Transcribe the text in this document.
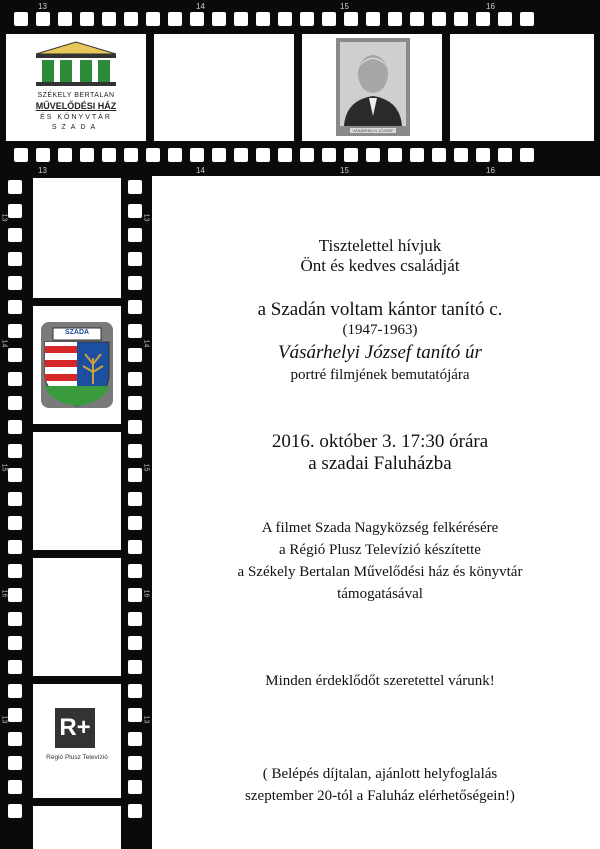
13	14	15	16
13	14	15	16
SZÉKELY BERTALAN
MŰVELŐDÉSI HÁZ
ÉS KÖNYVTÁR
SZADA	VÁSÁRHELYI JÓZSEF
13	13
14	14
15	15
16	16
13	13
SZADA
R+
Régió Plusz Televízió
Tisztelettel hívjuk
Önt és kedves családját
a Szadán voltam kántor tanító c.
(1947-1963)
Vásárhelyi József tanító úr
portré filmjének bemutatójára
2016. október 3. 17:30 órára
a szadai Faluházba
A filmet Szada Nagyközség felkérésére
a Régió Plusz Televízió készítette
a Székely Bertalan Művelődési ház és könyvtár
támogatásával
Minden érdeklődőt szeretettel várunk!
( Belépés díjtalan, ajánlott helyfoglalás
szeptember 20-tól a Faluház elérhetőségein!)
